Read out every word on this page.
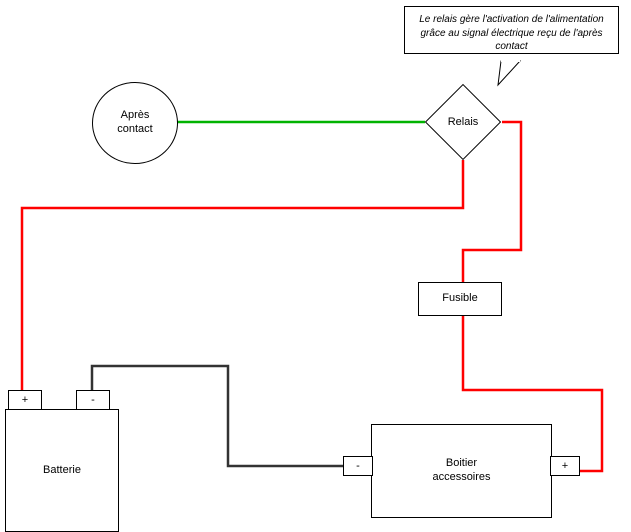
Le relais gère l'activation de l'alimentation grâce au signal électrique reçu de l'après contact
Après
contact
Relais
Fusible
Batterie
+	-
Boitier
accessoires
-	+
